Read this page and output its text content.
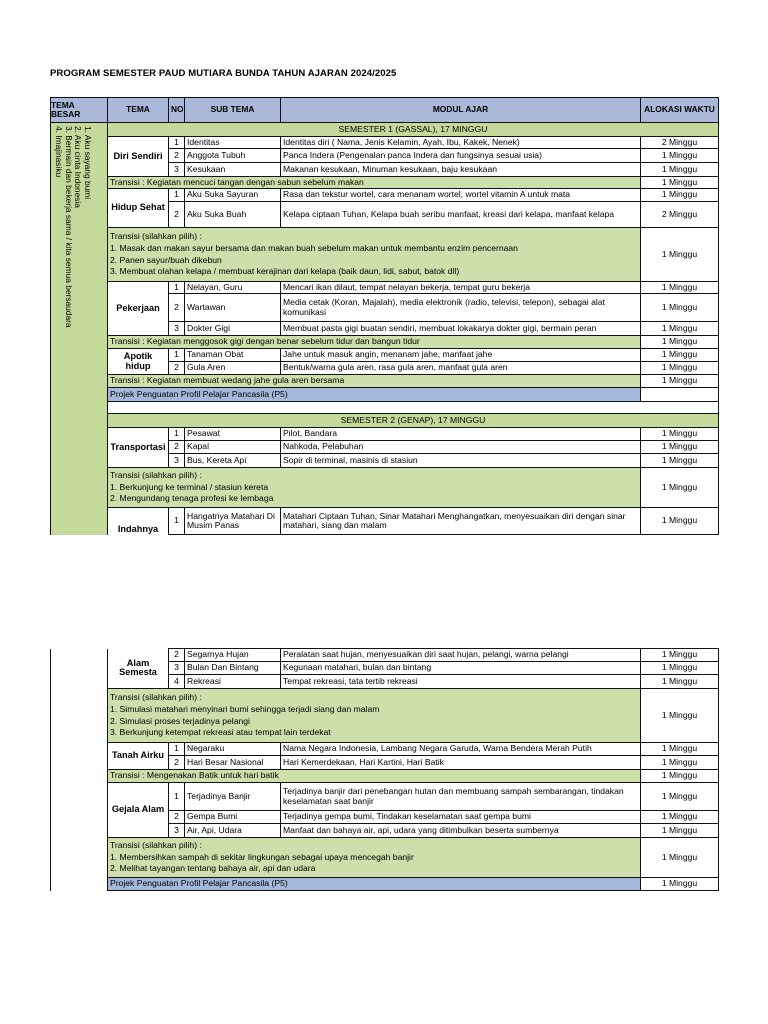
PROGRAM SEMESTER PAUD MUTIARA BUNDA TAHUN AJARAN 2024/2025
TEMA BESAR	TEMA	NO	SUB TEMA	MODUL AJAR	ALOKASI WAKTU
	SEMESTER 1 (GASSAL), 17 MINGGU				
	Diri Sendiri	1	Identitas	Identitas diri ( Nama, Jenis Kelamin, Ayah, Ibu, Kakek, Nenek)	2 Minggu
		2	Anggota Tubuh	Panca Indera (Pengenalan panca Indera dan fungsinya sesuai usia)	1 Minggu
		3	Kesukaan	Makanan kesukaan, Minuman kesukaan, baju kesukaan	1 Minggu
	Transisi : Kegiatan mencuci tangan dengan sabun sebelum makan				1 Minggu
	Hidup Sehat	1	Aku Suka Sayuran	Rasa dan tekstur wortel, cara menanam wortel, wortel vitamin A untuk mata	1 Minggu
		2	Aku Suka Buah	Kelapa ciptaan Tuhan, Kelapa buah seribu manfaat, kreasi dari kelapa, manfaat kelapa	2 Minggu

	Transisi (silahkan pilih) :
1. Masak dan makan sayur bersama dan makan buah sebelum makan untuk membantu enzim pencernaan
2. Panen sayur/buah dikebun
3. Membuat olahan kelapa / membuat kerajinan dari kelapa (baik daun, lidi, sabut, batok dll)				1 Minggu
	Pekerjaan	1	Nelayan, Guru	Mencari ikan dilaut, tempat nelayan bekerja, tempat guru bekerja	1 Minggu
		2	Wartawan	Media cetak (Koran, Majalah), media elektronik (radio, televisi, telepon), sebagai alat komunikasi	1 Minggu
		3	Dokter Gigi	Membuat pasta gigi buatan sendiri, membuat lokakarya dokter gigi, bermain peran	1 Minggu
	Transisi : Kegiatan menggosok gigi dengan benar sebelum tidur dan bangun tidur				1 Minggu
	Apotik hidup	1	Tanaman Obat	Jahe untuk masuk angin, menanam jahe, manfaat jahe	1 Minggu
		2	Gula Aren	Bentuk/warna gula aren, rasa gula aren, manfaat gula aren	1 Minggu
	Transisi : Kegiatan membuat wedang jahe gula aren bersama				1 Minggu
	Projek Penguatan Profil Pelajar Pancasila (P5)				

	SEMESTER 2 (GENAP), 17 MINGGU				
	Transportasi	1	Pesawat	Pilot, Bandara	1 Minggu
		2	Kapal	Nahkoda, Pelabuhan	1 Minggu
		3	Bus, Kereta Api	Sopir di terminal, masinis di stasiun	1 Minggu

	Transisi (silahkan pilih) :
1. Berkunjung ke terminal / stasiun kereta
2. Mengundang tenaga profesi ke lembaga				1 Minggu
	Indahnya	1	Hangatnya Matahari Di Musim Panas	Matahari Ciptaan Tuhan, Sinar Matahari Menghangatkan, menyesuaikan diri dengan sinar matahari, siang dan malam	1 Minggu
1. Aku sayang bumi
2. Aku cinta Indonesia
3. Bermain dan bekerja sama / kita semua bersaudara
4. Imajinasiku
	Alam Semesta	2	Segarnya Hujan	Peralatan saat hujan, menyesuaikan diri saat hujan, pelangi, warna pelangi	1 Minggu
		3	Bulan Dan Bintang	Kegunaan matahari, bulan dan bintang	1 Minggu
		4	Rekreasi	Tempat rekreasi, tata tertib rekreasi	1 Minggu

	Transisi (silahkan pilih) :
1. Simulasi matahari menyinari bumi sehingga terjadi siang dan malam
2. Simulasi proses terjadinya pelangi
3. Berkunjung ketempat rekreasi atau tempat lain terdekat				1 Minggu
	Tanah Airku	1	Negaraku	Nama Negara Indonesia, Lambang Negara Garuda, Warna Bendera Merah Putih	1 Minggu
		2	Hari Besar Nasional	Hari Kemerdekaan, Hari Kartini, Hari Batik	1 Minggu
	Transisi : Mengenakan Batik untuk hari batik				1 Minggu
	Gejala Alam	1	Terjadinya Banjir	Terjadinya banjir dari penebangan hutan dan membuang sampah sembarangan, tindakan keselamatan saat banjir	1 Minggu
		2	Gempa Bumi	Terjadinya gempa bumi, Tindakan keselamatan saat gempa bumi	1 Minggu
		3	Air, Api, Udara	Manfaat dan bahaya air, api, udara yang ditimbulkan beserta sumbernya	1 Minggu

	Transisi (silahkan pilih) :
1. Membersihkan sampah di sekitar lingkungan sebagai upaya mencegah banjir
2. Melihat tayangan tentang bahaya air, api dan udara				1 Minggu
	Projek Penguatan Profil Pelajar Pancasila (P5)				1 Minggu
